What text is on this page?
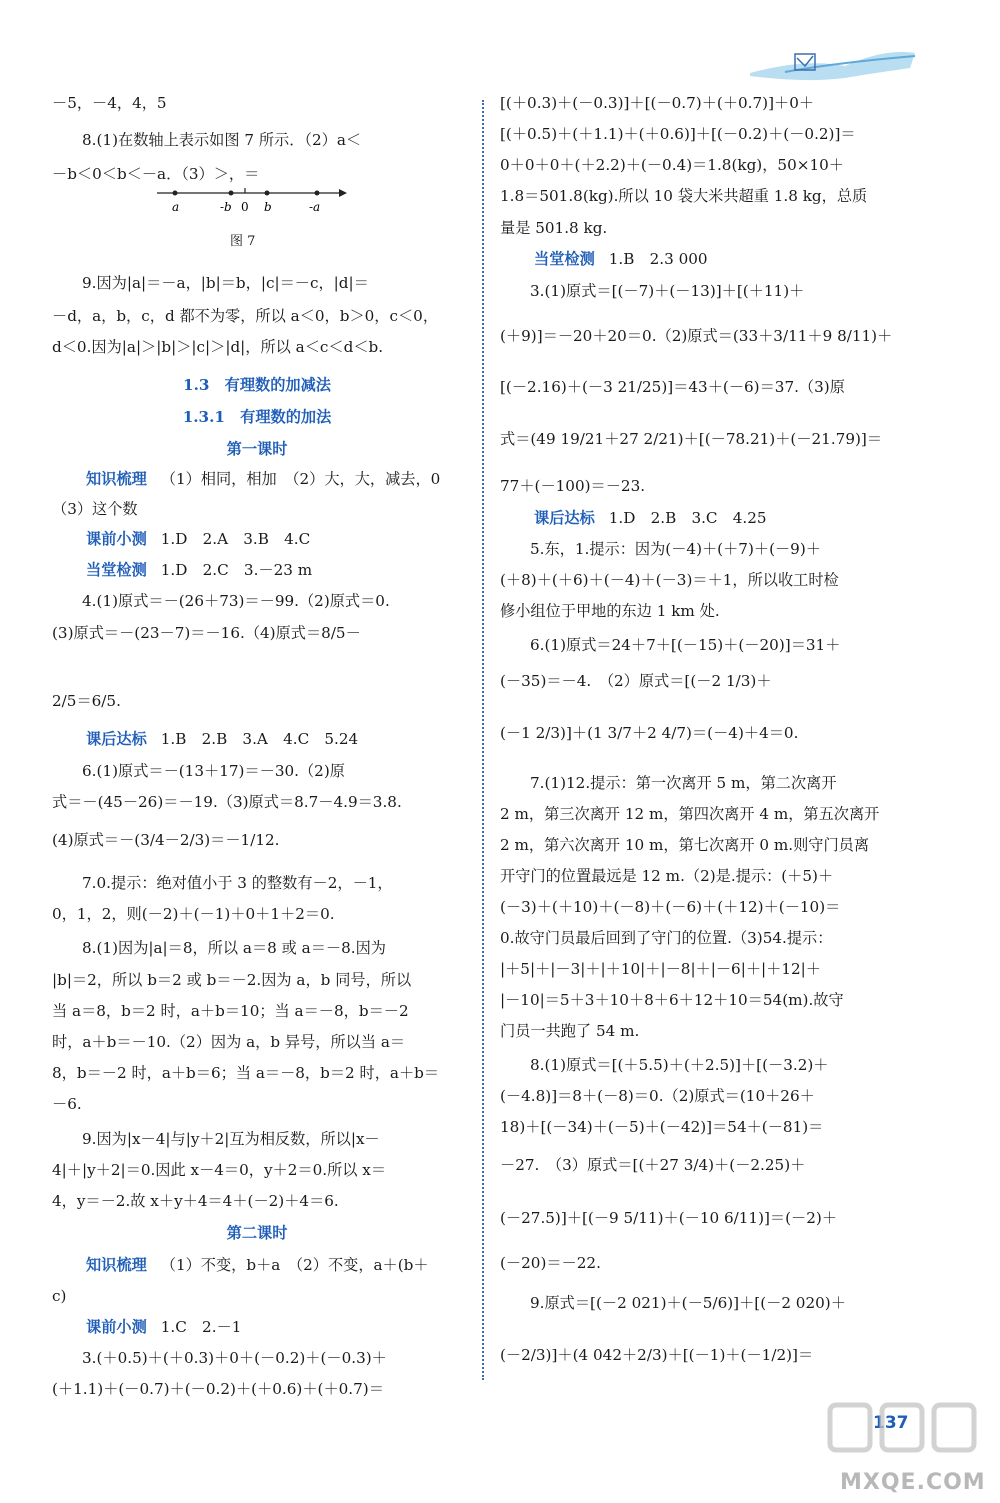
－5，－4，4，5
8.(1)在数轴上表示如图 7 所示．（2）a＜
－b＜0＜b＜－a．（3）＞，＝
a	-b 0 b	-a
图 7
9.因为|a|＝－a，|b|＝b，|c|＝－c，|d|＝
－d，a，b，c，d 都不为零，所以 a＜0，b＞0，c＜0，
d＜0.因为|a|＞|b|＞|c|＞|d|，所以 a＜c＜d＜b.
1.3　有理数的加减法
1.3.1　有理数的加法
第一课时
知识梳理 （1）相同，相加　（2）大，大，减去，0
（3）这个数
课前小测 1.D　2.A　3.B　4.C
当堂检测 1.D　2.C　3.－23 m
4.(1)原式＝－(26＋73)＝－99.（2)原式＝0.
(3)原式＝－(23－7)＝－16.（4)原式＝8/5－
2/5＝6/5.
课后达标 1.B　2.B　3.A　4.C　5.24
6.(1)原式＝－(13＋17)＝－30.（2)原
式＝－(45－26)＝－19.（3)原式＝8.7－4.9＝3.8.
(4)原式＝－(3/4－2/3)＝－1/12.
7.0.提示：绝对值小于 3 的整数有－2，－1，
0，1，2，则(－2)＋(－1)＋0＋1＋2＝0.
8.(1)因为|a|＝8，所以 a＝8 或 a＝－8.因为
|b|＝2，所以 b＝2 或 b＝－2.因为 a，b 同号，所以
当 a＝8，b＝2 时，a＋b＝10；当 a＝－8，b＝－2
时，a＋b＝－10.（2）因为 a，b 异号，所以当 a＝
8，b＝－2 时，a＋b＝6；当 a＝－8，b＝2 时，a＋b＝
－6.
9.因为|x－4|与|y＋2|互为相反数，所以|x－
4|＋|y＋2|＝0.因此 x－4＝0，y＋2＝0.所以 x＝
4，y＝－2.故 x＋y＋4＝4＋(－2)＋4＝6.
第二课时
知识梳理 （1）不变，b＋a　（2）不变，a＋(b＋
c)
课前小测 1.C　2.－1
3.(＋0.5)＋(＋0.3)＋0＋(－0.2)＋(－0.3)＋
(＋1.1)＋(－0.7)＋(－0.2)＋(＋0.6)＋(＋0.7)＝
[(＋0.3)＋(－0.3)]＋[(－0.7)＋(＋0.7)]＋0＋
[(＋0.5)＋(＋1.1)＋(＋0.6)]＋[(－0.2)＋(－0.2)]＝
0＋0＋0＋(＋2.2)＋(－0.4)＝1.8(kg)，50×10＋
1.8＝501.8(kg).所以 10 袋大米共超重 1.8 kg，总质
量是 501.8 kg.
当堂检测 1.B　2.3 000
3.(1)原式＝[(－7)＋(－13)]＋[(＋11)＋
(＋9)]＝－20＋20＝0.（2)原式＝(33＋3/11＋9 8/11)＋
[(－2.16)＋(－3 21/25)]＝43＋(－6)＝37.（3)原
式＝(49 19/21＋27 2/21)＋[(－78.21)＋(－21.79)]＝
77＋(－100)＝－23.
课后达标 1.D　2.B　3.C　4.25
5.东，1.提示：因为(－4)＋(＋7)＋(－9)＋
(＋8)＋(＋6)＋(－4)＋(－3)＝＋1，所以收工时检
修小组位于甲地的东边 1 km 处.
6.(1)原式＝24＋7＋[(－15)＋(－20)]＝31＋
(－35)＝－4.　（2）原式＝[(－2 1/3)＋
(－1 2/3)]＋(1 3/7＋2 4/7)＝(－4)＋4＝0.
7.(1)12.提示：第一次离开 5 m，第二次离开
2 m，第三次离开 12 m，第四次离开 4 m，第五次离开
2 m，第六次离开 10 m，第七次离开 0 m.则守门员离
开守门的位置最远是 12 m.（2)是.提示：(＋5)＋
(－3)＋(＋10)＋(－8)＋(－6)＋(＋12)＋(－10)＝
0.故守门员最后回到了守门的位置.（3)54.提示：
|＋5|＋|－3|＋|＋10|＋|－8|＋|－6|＋|＋12|＋
|－10|＝5＋3＋10＋8＋6＋12＋10＝54(m).故守
门员一共跑了 54 m.
8.(1)原式＝[(＋5.5)＋(＋2.5)]＋[(－3.2)＋
(－4.8)]＝8＋(－8)＝0.（2)原式＝(10＋26＋
18)＋[(－34)＋(－5)＋(－42)]＝54＋(－81)＝
－27.　（3）原式＝[(＋27 3/4)＋(－2.25)＋
(－27.5)]＋[(－9 5/11)＋(－10 6/11)]＝(－2)＋
(－20)＝－22.
9.原式＝[(－2 021)＋(－5/6)]＋[(－2 020)＋
(－2/3)]＋(4 042＋2/3)＋[(－1)＋(－1/2)]＝
137
MXQE.COM
